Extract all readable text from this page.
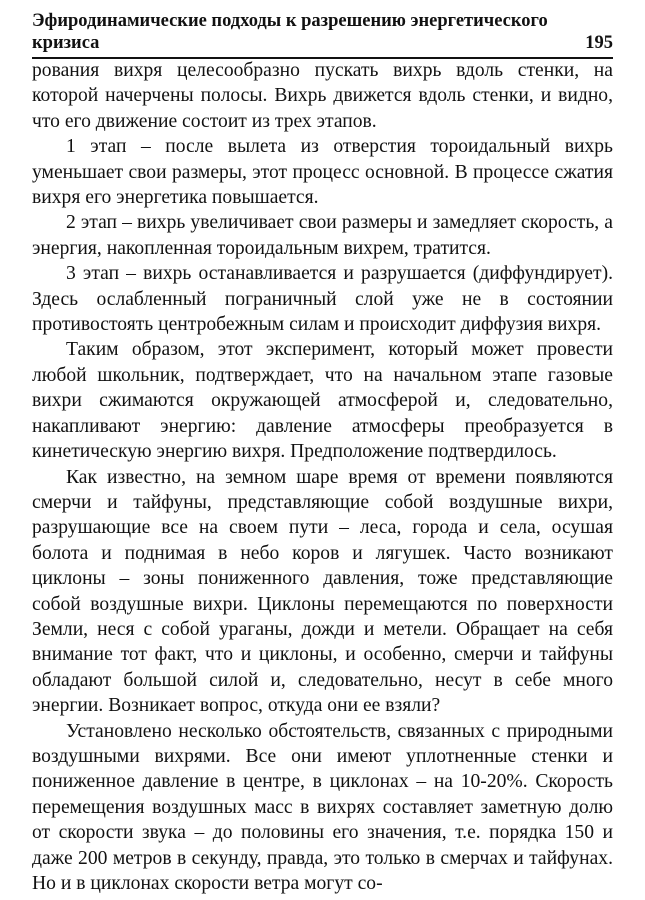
Эфиродинамические подходы к разрешению энергетического кризиса	195

рования вихря целесообразно пускать вихрь вдоль стенки, на которой начерчены полосы. Вихрь движется вдоль стенки, и видно, что его движение состоит из трех этапов.

1 этап – после вылета из отверстия тороидальный вихрь уменьшает свои размеры, этот процесс основной. В процессе сжатия вихря его энергетика повышается.

2 этап – вихрь увеличивает свои размеры и замедляет скорость, а энергия, накопленная тороидальным вихрем, тратится.

3 этап – вихрь останавливается и разрушается (диффундирует). Здесь ослабленный пограничный слой уже не в состоянии противостоять центробежным силам и происходит диффузия вихря.

Таким образом, этот эксперимент, который может провести любой школьник, подтверждает, что на начальном этапе газовые вихри сжимаются окружающей атмосферой и, следовательно, накапливают энергию: давление атмосферы преобразуется в кинетическую энергию вихря. Предположение подтвердилось.

Как известно, на земном шаре время от времени появляются смерчи и тайфуны, представляющие собой воздушные вихри, разрушающие все на своем пути – леса, города и села, осушая болота и поднимая в небо коров и лягушек. Часто возникают циклоны – зоны пониженного давления, тоже представляющие собой воздушные вихри. Циклоны перемещаются по поверхности Земли, неся с собой ураганы, дожди и метели. Обращает на себя внимание тот факт, что и циклоны, и особенно, смерчи и тайфуны обладают большой силой и, следовательно, несут в себе много энергии. Возникает вопрос, откуда они ее взяли?

Установлено несколько обстоятельств, связанных с природными воздушными вихрями. Все они имеют уплотненные стенки и пониженное давление в центре, в циклонах – на 10-20%. Скорость перемещения воздушных масс в вихрях составляет заметную долю от скорости звука – до половины его значения, т.е. порядка 150 и даже 200 метров в секунду, правда, это только в смерчах и тайфунах. Но и в циклонах скорости ветра могут со-
